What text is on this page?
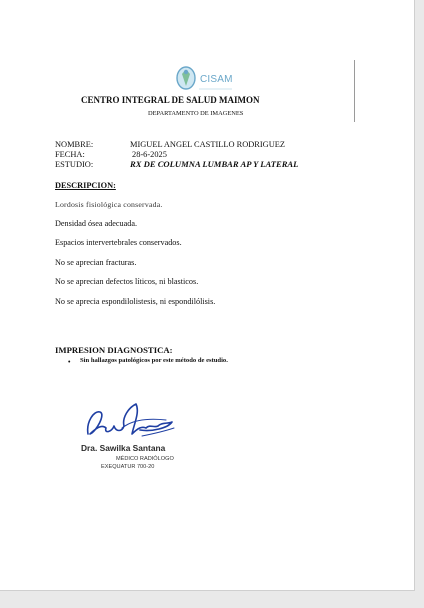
CISAM
CENTRO INTEGRAL DE SALUD MAIMON
DEPARTAMENTO DE IMAGENES
NOMBRE:	MIGUEL ANGEL CASTILLO RODRIGUEZ
FECHA:	28-6-2025
ESTUDIO:	RX DE COLUMNA LUMBAR AP Y LATERAL
DESCRIPCION:
Lordosis fisiológica conservada.
Densidad ósea adecuada.
Espacios intervertebrales conservados.
No se aprecian fracturas.
No se aprecian defectos líticos, ni blasticos.
No se aprecia espondilolistesis, ni espondilólisis.
IMPRESION DIAGNOSTICA:
• Sin hallazgos patológicos por este método de estudio.
Dra. Sawilka Santana
MÉDICO RADIÓLOGO
EXEQUATUR 700-20
